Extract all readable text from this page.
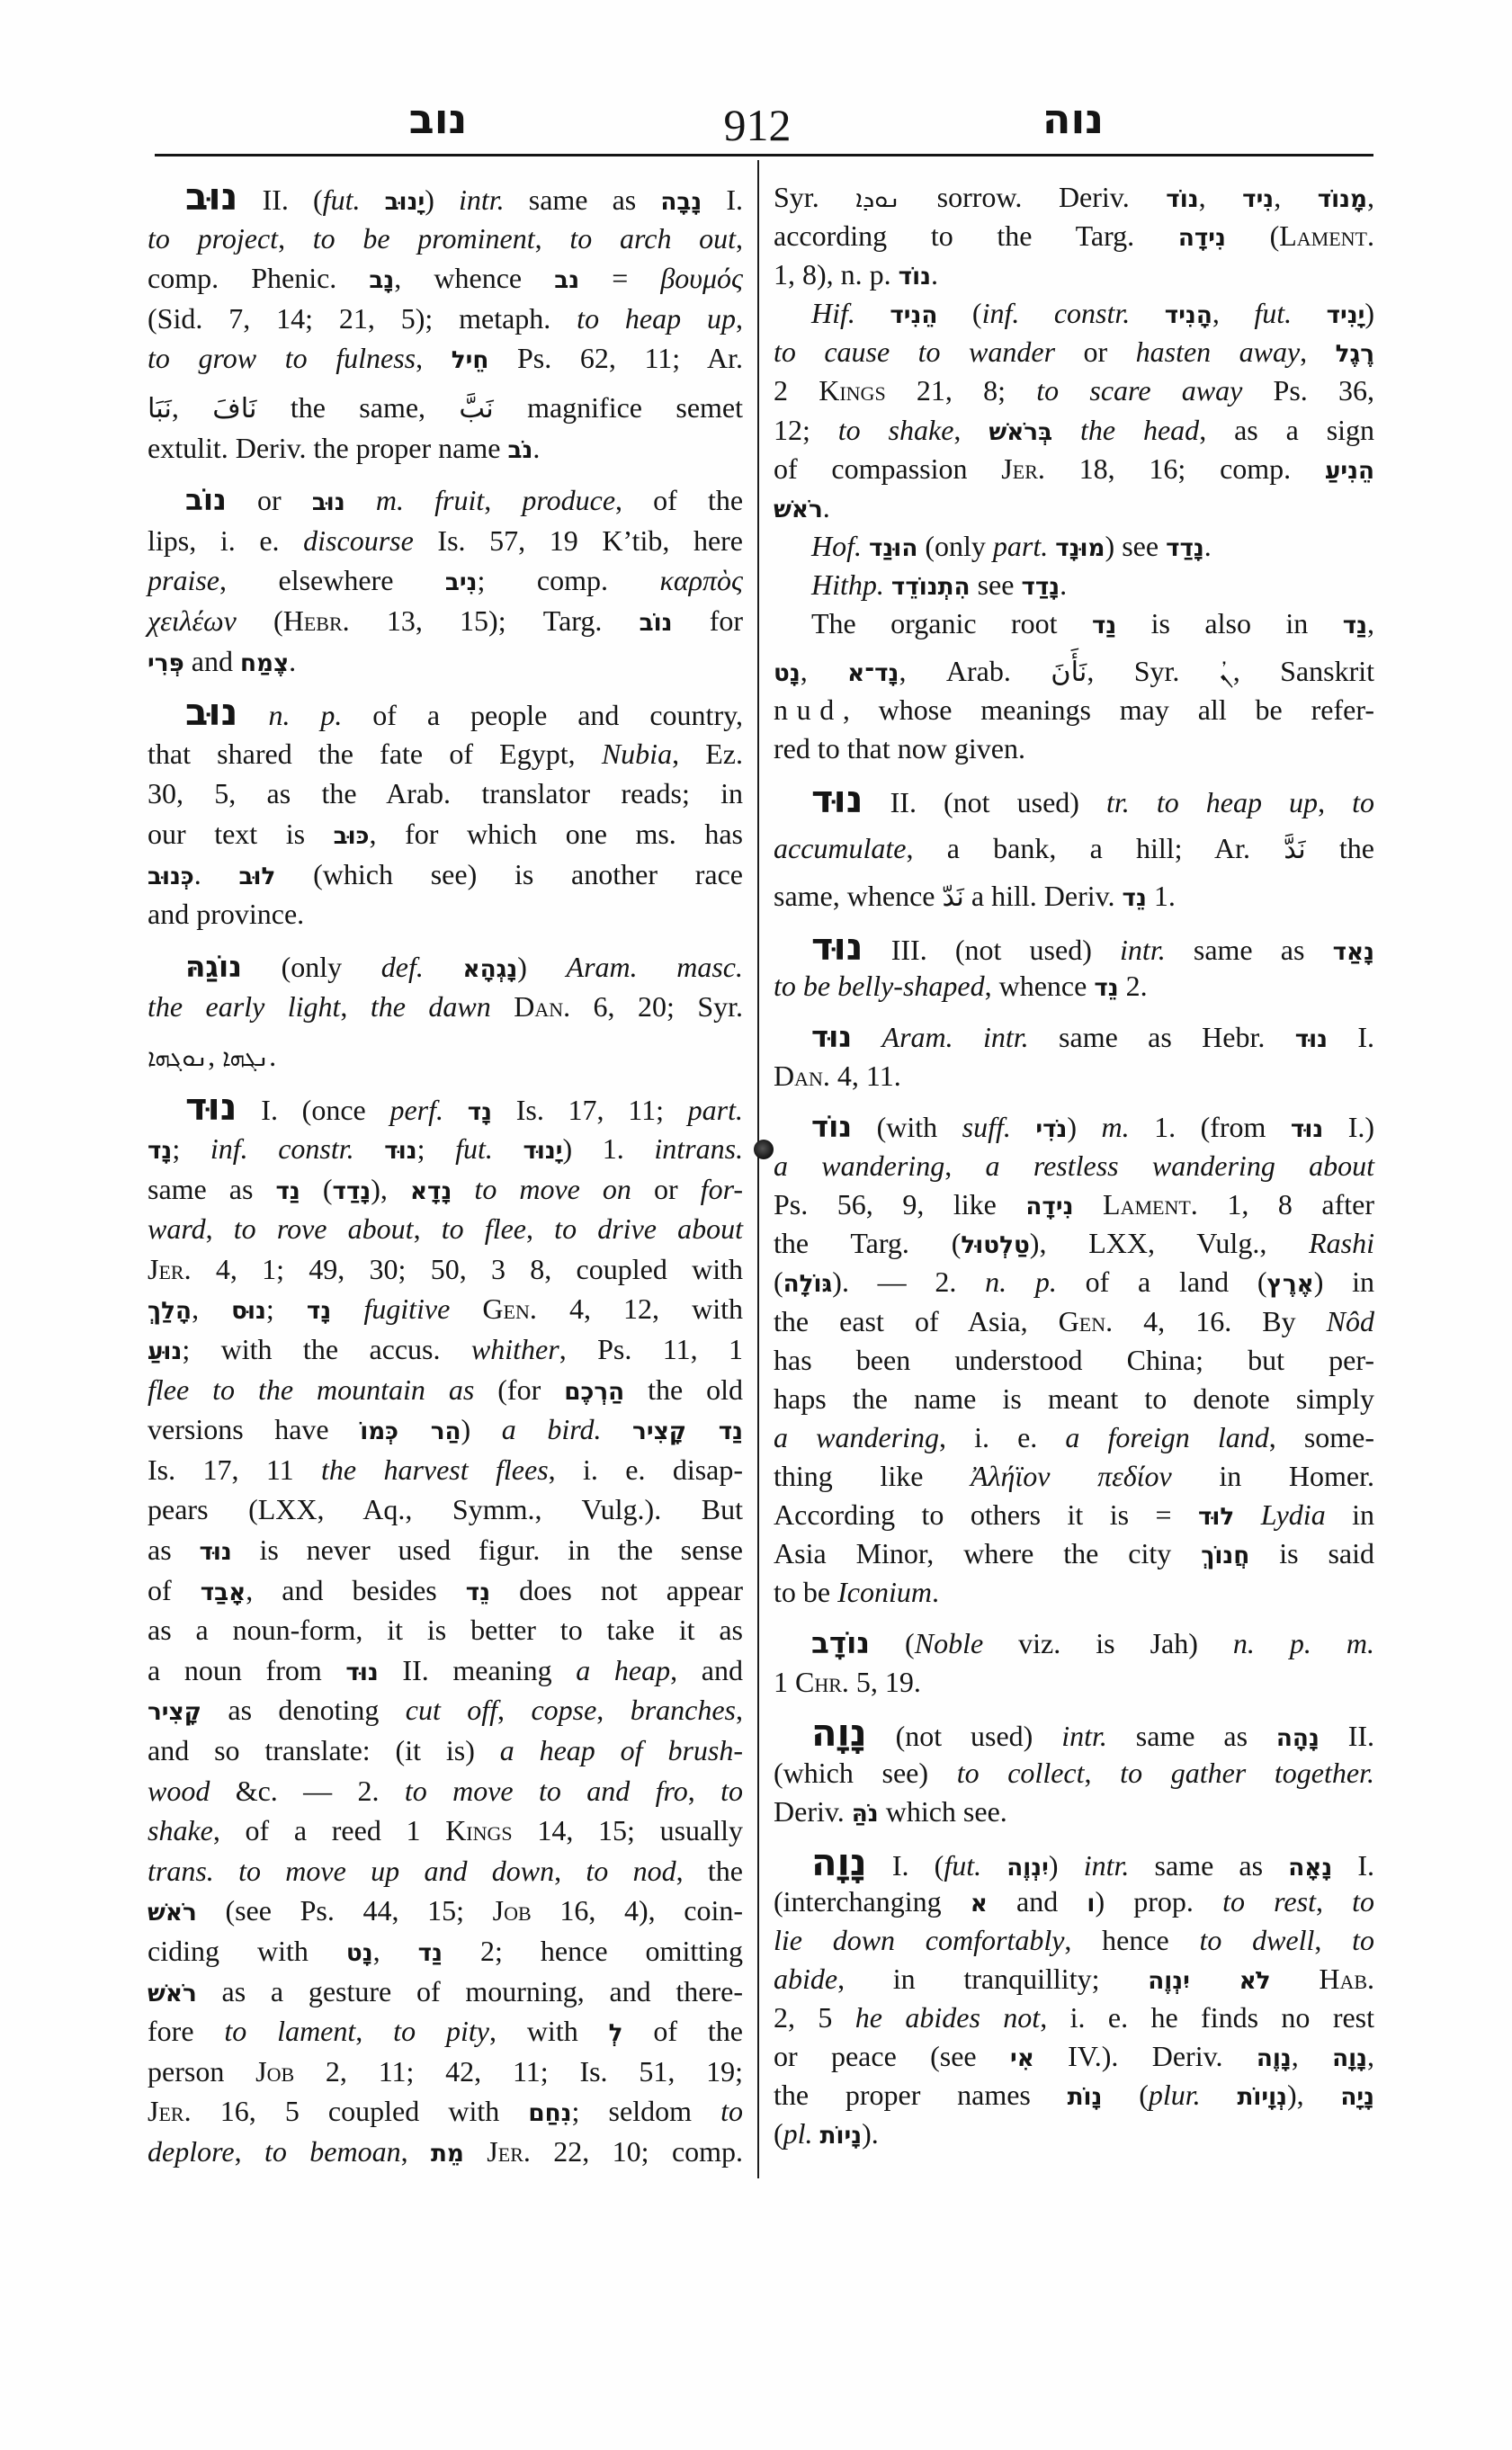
נוב	912	נוה
נוּב II. (fut. יָנוּב) intr. same as נָבָה I.
to project, to be prominent, to arch out,
comp. Phenic. נָב, whence נב = βουμός
(Sid. 7, 14; 21, 5); metaph. to heap up,
to grow to fulness, חֵיל Ps. 62, 11; Ar.
نَبَا, نَافَ the same, نَبَّ magnifice semet
extulit. Deriv. the proper name נֹב.
נוֹב or נוּב m. fruit, produce, of the
lips, i. e. discourse Is. 57, 19 K’tib, here
praise, elsewhere נִיב; comp. καρπὸς
χειλέων (Hebr. 13, 15); Targ. נוֹב for
פְּרִי and צֶמַח.
נוּב n. p. of a people and country,
that shared the fate of Egypt, Nubia, Ez.
30, 5, as the Arab. translator reads; in
our text is כּוּב, for which one ms. has
כְּנוּב. לוּב (which see) is another race
and province.
נוֹגַהּ (only def. נָגְהָא) Aram. masc.
the early light, the dawn Dan. 6, 20; Syr.
ܢܘܓܗܐ, ܢܓܗܐ.
נוּד I. (once perf. נָד Is. 17, 11; part.
נָד; inf. constr. נוּד; fut. יָנוּד) 1. intrans.
same as נַד (נָדַד), נָדָא to move on or for-
ward, to rove about, to flee, to drive about
Jer. 4, 1; 49, 30; 50, 3 8, coupled with
הָלַךְ, נוּס; נָד fugitive Gen. 4, 12, with
נוּעַ; with the accus. whither, Ps. 11, 1
flee to the mountain as (for הַרְכֶם the old
versions have הַר כְּמוֹ) a bird. נַד קָצִיר
Is. 17, 11 the harvest flees, i. e. disap-
pears (LXX, Aq., Symm., Vulg.). But
as נוּד is never used figur. in the sense
of אָבַד, and besides נֵד does not appear
as a noun-form, it is better to take it as
a noun from נוּד II. meaning a heap, and
קָצִיר as denoting cut off, copse, branches,
and so translate: (it is) a heap of brush-
wood &c. — 2. to move to and fro, to
shake, of a reed 1 Kings 14, 15; usually
trans. to move up and down, to nod, the
רֹאשׁ (see Ps. 44, 15; Job 16, 4), coin-
ciding with נָט, נַד 2; hence omitting
רֹאשׁ as a gesture of mourning, and there-
fore to lament, to pity, with לְ of the
person Job 2, 11; 42, 11; Is. 51, 19;
Jer. 16, 5 coupled with נִחַם; seldom to
deplore, to bemoan, מֵת Jer. 22, 10; comp.
Syr. ܢܘܕܐ sorrow. Deriv. נוֹד, נִיד, מָנוֹד,
according to the Targ. נִידָה (Lament.
1, 8), n. p. נוֹד.
Hif. הֵנִיד (inf. constr. הָנִיד, fut. יָנִיד)
to cause to wander or hasten away, רֶגֶל
2 Kings 21, 8; to scare away Ps. 36,
12; to shake, בְּרֹאשׁ the head, as a sign
of compassion Jer. 18, 16; comp. הֵנִיעַ
רֹאשׁ.
Hof. הוּנַד (only part. מוּנָד) see נָדַד.
Hithp. הִתְנוֹדֵד see נָדַד.
The organic root נַד is also in נַד,
נָט, נָד־א, Arab. نَأَنَ, Syr. ܢܳ, Sanskrit
nud, whose meanings may all be refer-
red to that now given.
נוּד II. (not used) tr. to heap up, to
accumulate, a bank, a hill; Ar. نَدَّ the
same, whence نَدّ a hill. Deriv. נֵד 1.
נוּד III. (not used) intr. same as נָאַד
to be belly-shaped, whence נֵד 2.
נוּד Aram. intr. same as Hebr. נוּד I.
Dan. 4, 11.
נוֹד (with suff. נֹדִי) m. 1. (from נוּד I.)
a wandering, a restless wandering about
Ps. 56, 9, like נִידָה Lament. 1, 8 after
the Targ. (טַלְטוּל), LXX, Vulg., Rashi
(גּוֹלָה). — 2. n. p. of a land (אֶרֶץ) in
the east of Asia, Gen. 4, 16. By Nôd
has been understood China; but per-
haps the name is meant to denote simply
a wandering, i. e. a foreign land, some-
thing like Ἀλήϊον πεδίον in Homer.
According to others it is = לוּד Lydia in
Asia Minor, where the city חֲנוֹךְ is said
to be Iconium.
נוֹדָב (Noble viz. is Jah) n. p. m.
1 Chr. 5, 19.
נָוָה (not used) intr. same as נָהָה II.
(which see) to collect, to gather together.
Deriv. נֹהַּ which see.
נָוָה I. (fut. יִנְוֶה) intr. same as נָאָה I.
(interchanging א and ו) prop. to rest, to
lie down comfortably, hence to dwell, to
abide, in tranquillity; לֹא יִנְוֶה Hab.
2, 5 he abides not, i. e. he finds no rest
or peace (see אִי IV.). Deriv. נָוֶה, נָוָה,
the proper names נָוֹת (plur. נְוָיוֹת), נָיָה
(pl. נָיוֹת).
